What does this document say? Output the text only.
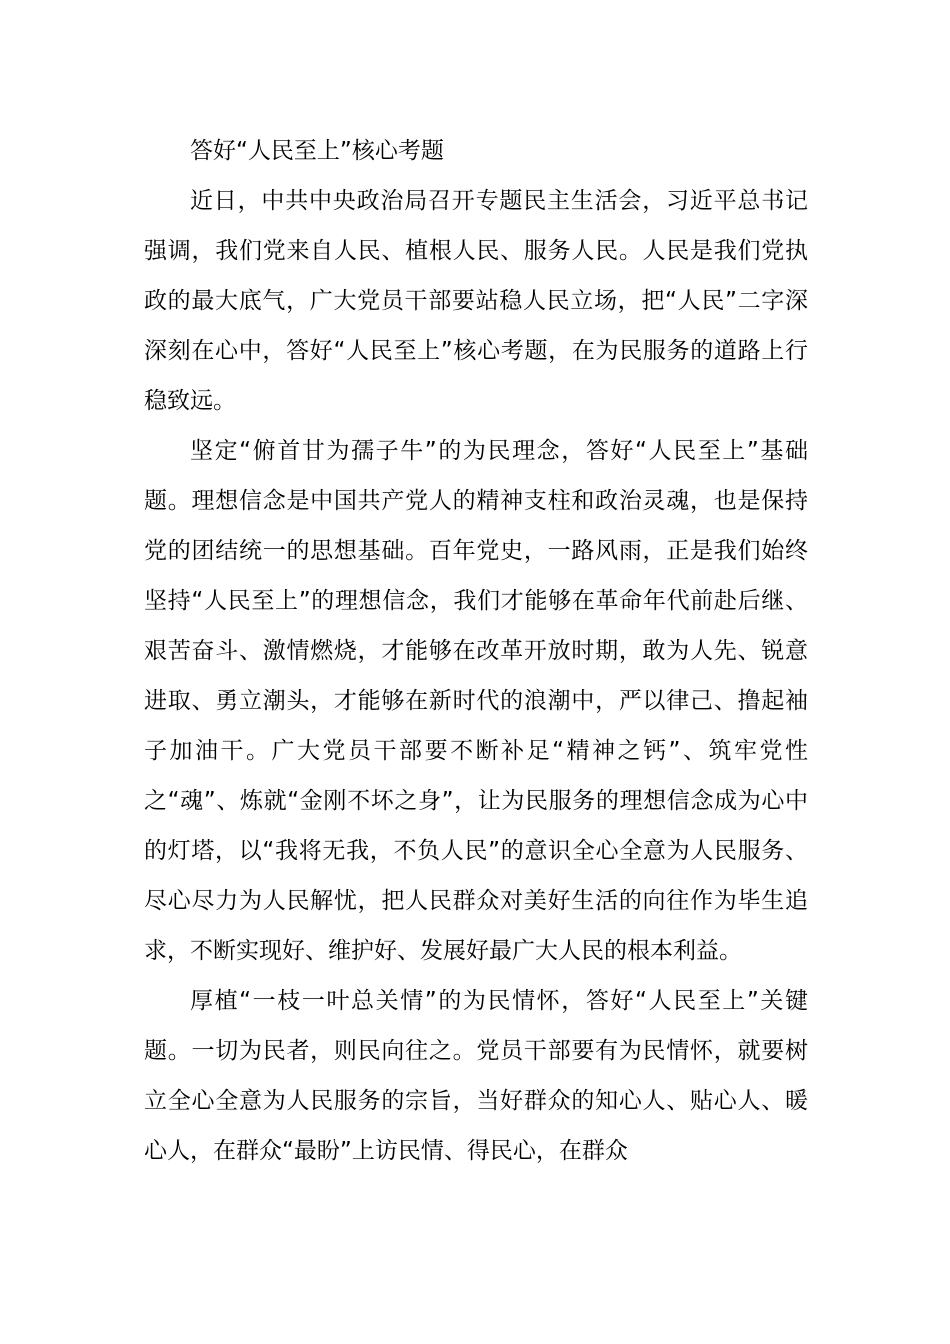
答好“人民至上”核心考题

近日，中共中央政治局召开专题民主生活会，习近平总书记强调，我们党来自人民、植根人民、服务人民。人民是我们党执政的最大底气，广大党员干部要站稳人民立场，把“人民”二字深深刻在心中，答好“人民至上”核心考题，在为民服务的道路上行稳致远。

坚定“俯首甘为孺子牛”的为民理念，答好“人民至上”基础题。理想信念是中国共产党人的精神支柱和政治灵魂，也是保持党的团结统一的思想基础。百年党史，一路风雨，正是我们始终坚持“人民至上”的理想信念，我们才能够在革命年代前赴后继、艰苦奋斗、激情燃烧，才能够在改革开放时期，敢为人先、锐意进取、勇立潮头，才能够在新时代的浪潮中，严以律己、撸起袖子加油干。广大党员干部要不断补足“精神之钙”、筑牢党性之“魂”、炼就“金刚不坏之身”，让为民服务的理想信念成为心中的灯塔，以“我将无我，不负人民”的意识全心全意为人民服务、尽心尽力为人民解忧，把人民群众对美好生活的向往作为毕生追求，不断实现好、维护好、发展好最广大人民的根本利益。

厚植“一枝一叶总关情”的为民情怀，答好“人民至上”关键题。一切为民者，则民向往之。党员干部要有为民情怀，就要树立全心全意为人民服务的宗旨，当好群众的知心人、贴心人、暖心人，在群众“最盼”上访民情、得民心，在群众
